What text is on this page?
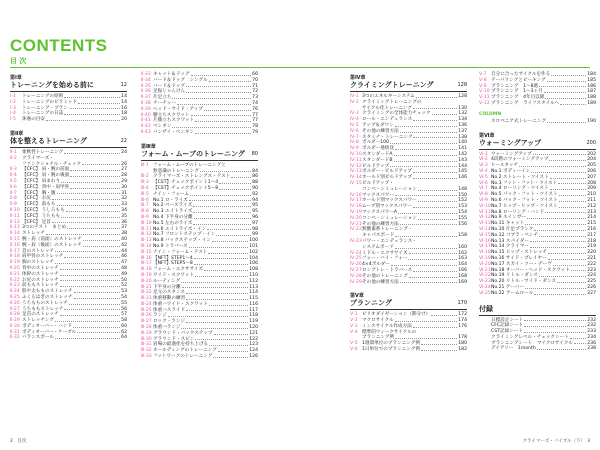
CONTENTS
目 次
第Ⅰ章
トレーニングを始める前に	12
Ⅰ-1	トレーニングの原則	14
Ⅰ-2	トレーニングのピラミッド	14
Ⅰ-3	トレーニング・プラン	16
Ⅰ-4	トレーニングの日誌	18
Ⅰ-5	休養の目安	20
第Ⅱ章
体を整えるトレーニング	22
Ⅱ-1	柔軟性トレーニング	24
Ⅱ-2	クライマーズ・
ファンクショナル・チェック	26
Ⅱ-3	【CFC】 肩・腕の前面	27
Ⅱ-4	【CFC】 肩・腕の後面	28
Ⅱ-5	【CFC】 肩まわり	29
Ⅱ-6	【CFC】 背中・肩甲骨	30
Ⅱ-7	【CFC】 胸・腹	31
Ⅱ-8	【CFC】 お尻	32
Ⅱ-9	【CFC】 前もも	33
Ⅱ-10 【CFC】 うしろもも	34
Ⅱ-11 【CFC】 うちもも	35
Ⅱ-12 【CFC】 足首	36
Ⅱ-13 3つのテスト　まとめ	37
Ⅱ-14 ストレッチ	38
Ⅱ-15 腕・肩（前面）のストレッチ	40
Ⅱ-16 腕・肩（後面）のストレッチ	42
Ⅱ-17 首のストレッチ	44
Ⅱ-18 肩甲骨のストレッチ	46
Ⅱ-19 胸のストレッチ	47
Ⅱ-20 背中のストレッチ	48
Ⅱ-21 体幹のストレッチ	49
Ⅱ-22 お尻のストレッチ	50
Ⅱ-23 前ももストレッチ	52
Ⅱ-24 股や太もものストレッチ	53
Ⅱ-25 ふくらはぎのストレッチ	54
Ⅱ-26 うちもものストレッチ	55
Ⅱ-27 うちももストレッチ	56
Ⅱ-28 足首のストレッチ	57
Ⅱ-29 ストレッチング	58
Ⅱ-30 ボディオーバー・ハンド	60
Ⅱ-31 ボディオーバー・ケーブル	62
Ⅱ-32 バランスボール	64
Ⅱ-33 キャット＆ドッグ	66
Ⅱ-34 バード＆ドッグ　シングル	70
Ⅱ-35 バード＆ドッグ	71
Ⅱ-36 足振じゃんけん	72
Ⅱ-37 片足立ち	73
Ⅱ-38 チーチッハ	74
Ⅱ-39 ヘッド・サイド・アップ	76
Ⅱ-40 腰立ちスクワット	77
Ⅱ-41 片膝立ちスクワット	77
Ⅱ-42 ペンギン	78
Ⅱ-43 バンザイ・ペンギン	79
第Ⅲ章
フォーム・ムーブのトレーニング 80
Ⅲ-1 フォーム・ムーブのトレーニングと
無意識のトレーニング	84
Ⅲ-2 クライマーズ・ストレングス・テスト	86
Ⅲ-3 【CST】チェックポイント1〜4	88
Ⅲ-4 【CST】チェックポイント5〜8	90
Ⅲ-5 ナイン・フォーム	92
Ⅲ-6 No.1 ロ・ライズ	94
Ⅲ-7 No.2 ベースライズ	95
Ⅲ-8 No.3 エイトライズ	95
Ⅲ-9 No.4 下半身の分離	96
Ⅲ-10 No.5 左右のライズ	97
Ⅲ-11 No.6 エイトライズ・イン	98
Ⅲ-12 No.7 フロントステップ・イン	99
Ⅲ-13 No.8 バックステップ・イン	100
Ⅲ-14 No.9 トラバース	101
Ⅲ-15 ナイン・フォーム・テスト	102
Ⅲ-16 【NFT】STEP1〜4	104
Ⅲ-17 【NFT】STEP5〜8	106
Ⅲ-18 フォーム・エクササイズ	108
Ⅲ-19 ワイド・スクワット	110
Ⅲ-20 ルーティング	112
Ⅲ-21 下半身の分離	113
Ⅲ-22 足元のスタンス	114
Ⅲ-23 体重移動の練習	115
Ⅲ-24 体重ハワイド・スクワット	116
Ⅲ-25 体重ハスライド	117
Ⅲ-26 ランジ	118
Ⅲ-27 ロック・ランジ	119
Ⅲ-28 体重ハランジ	120
Ⅲ-29 グラウンド・バックステップ	121
Ⅲ-30 グラウンド・スピン	122
Ⅲ-31 岩場の最適化を持ち上げる	123
Ⅲ-32 ホールディングのトレーニング	124
Ⅲ-33 フットワークのトレーニング	126
第Ⅳ章
クライミングトレーニング	128
Ⅳ-1 3つのエネルギーシステム	128
Ⅳ-2 クライミングトレーニングの
サイクル化トレーニング	130
Ⅳ-3 クライミングの全体能力チェック	132
Ⅳ-4 ロール・エンデュランス	134
Ⅳ-5 アップ＆ダウン	136
Ⅳ-6 その他の練習方法	137
Ⅳ-7 スタミナ・トレーニング	138
Ⅳ-8 ボルダー100	140
Ⅳ-9 ボルダー連続登	141
Ⅳ-10 スタンダードA	142
Ⅳ-11 スタンダードB	143
Ⅳ-12 ビルドアップ	144
Ⅳ-13 ボルダー・ビルドアップ	145
Ⅳ-14 ホールド別ビルドアップ	146
Ⅳ-15 ビルドアップ・
コンペ・シミュレーション	148
Ⅳ-16 マックスパワー	150
Ⅳ-17 ホールド別マックスパワー	152
Ⅳ-18 ムーブ別マックスパワー	153
Ⅳ-19 マックスパワーA	154
Ⅳ-20 コンペ・シミュレーション	155
Ⅳ-21 その他の練習方法	156
Ⅳ-22 無酸素系トレーニング・
キャパスボード	158
Ⅳ-23 パワー・エンデュランス・
システムボード	160
Ⅳ-24 ミドル・エクササイズ	162
Ⅳ-25 フォー・バイ・フォー	163
Ⅳ-26 4×4ボルダー	164
Ⅳ-27 ロングトレ・トラバース	166
Ⅳ-28 その他のトレーニング	168
Ⅳ-29 その他の練習方法	169
第Ⅴ章
プランニング	170
Ⅴ-1 ピリオダイゼーション（期分け）	172
Ⅴ-2 マクロサイクル	174
Ⅴ-3 ミンスサイクル作成方法	176
Ⅴ-4 標準的ウィークサイクルの
プランニング例	178
Ⅴ-5 1週間単位のプランニング例	180
Ⅴ-6 1日単位でのプランニング例	182
Ⅴ-7 自分に合ったサイクルを作る	184
Ⅴ-8 テーパリングとピーキング	185
Ⅴ-9 プランニング　1〜8週	186
Ⅴ-10 プランニング　1〜3ヶ月	187
Ⅴ-11 プランニング　4年目以降	188
Ⅴ-12 プランニング　ライフスタイルへ	189
COLUMN
スロベニア式トレーニング	190
第Ⅵ章
ウォーミングアップ	200
Ⅵ-1 ウォーミングアップ	202
Ⅵ-2 4段階のウォーミングアップ	204
Ⅵ-3 ヒールタッチ	205
Ⅵ-4 No.1 ボディーイン	206
Ⅵ-5 No.2 ストレート・ツイスト	207
Ⅵ-6 No.3 フット・フット・ツイスト	208
Ⅵ-7 No.4 ローリング・ツイスト	209
Ⅵ-8 No.5 パック・フット・ツイスト	210
Ⅵ-9 No.6 パック・フット・ツイスト	211
Ⅵ-10 No.7 ヒップ・ヒップ・ツイスト	212
Ⅵ-11 No.8 ローリング・ハンド	213
Ⅵ-12 No.9 スインガー	214
Ⅵ-13 No.11 キャット	215
Ⅵ-14 No.10 片足プランク	216
Ⅵ-15 No.12 コブラ・ペンチ	217
Ⅵ-16 No.13 スパイダー	218
Ⅵ-17 No.14 クライマー	219
Ⅵ-18 No.15 ヒップ・ストレッチ	220
Ⅵ-19 No.16 サイド・プレイヤー	221
Ⅵ-20 No.17 スカイ・ツー・デーヴ	222
Ⅵ-21 No.18 オーバー・ヘッド・スクワット	223
Ⅵ-22 No.19 リトル・ダンス	224
Ⅵ-23 No.20 リトル・サイド・ダンス	225
Ⅵ-24 No.21 ゲーバー	226
Ⅵ-25 No.22 アームロール	227
付録
日標設定シート	232
CFC記録シート	232
CST記録シート	233
クライミングレベル・チェックシート	234
ブランニングシート　マイクロサイクル	236
デイアリー　1month	238
2　目次	クライマーズ・バイブル（下）　3
